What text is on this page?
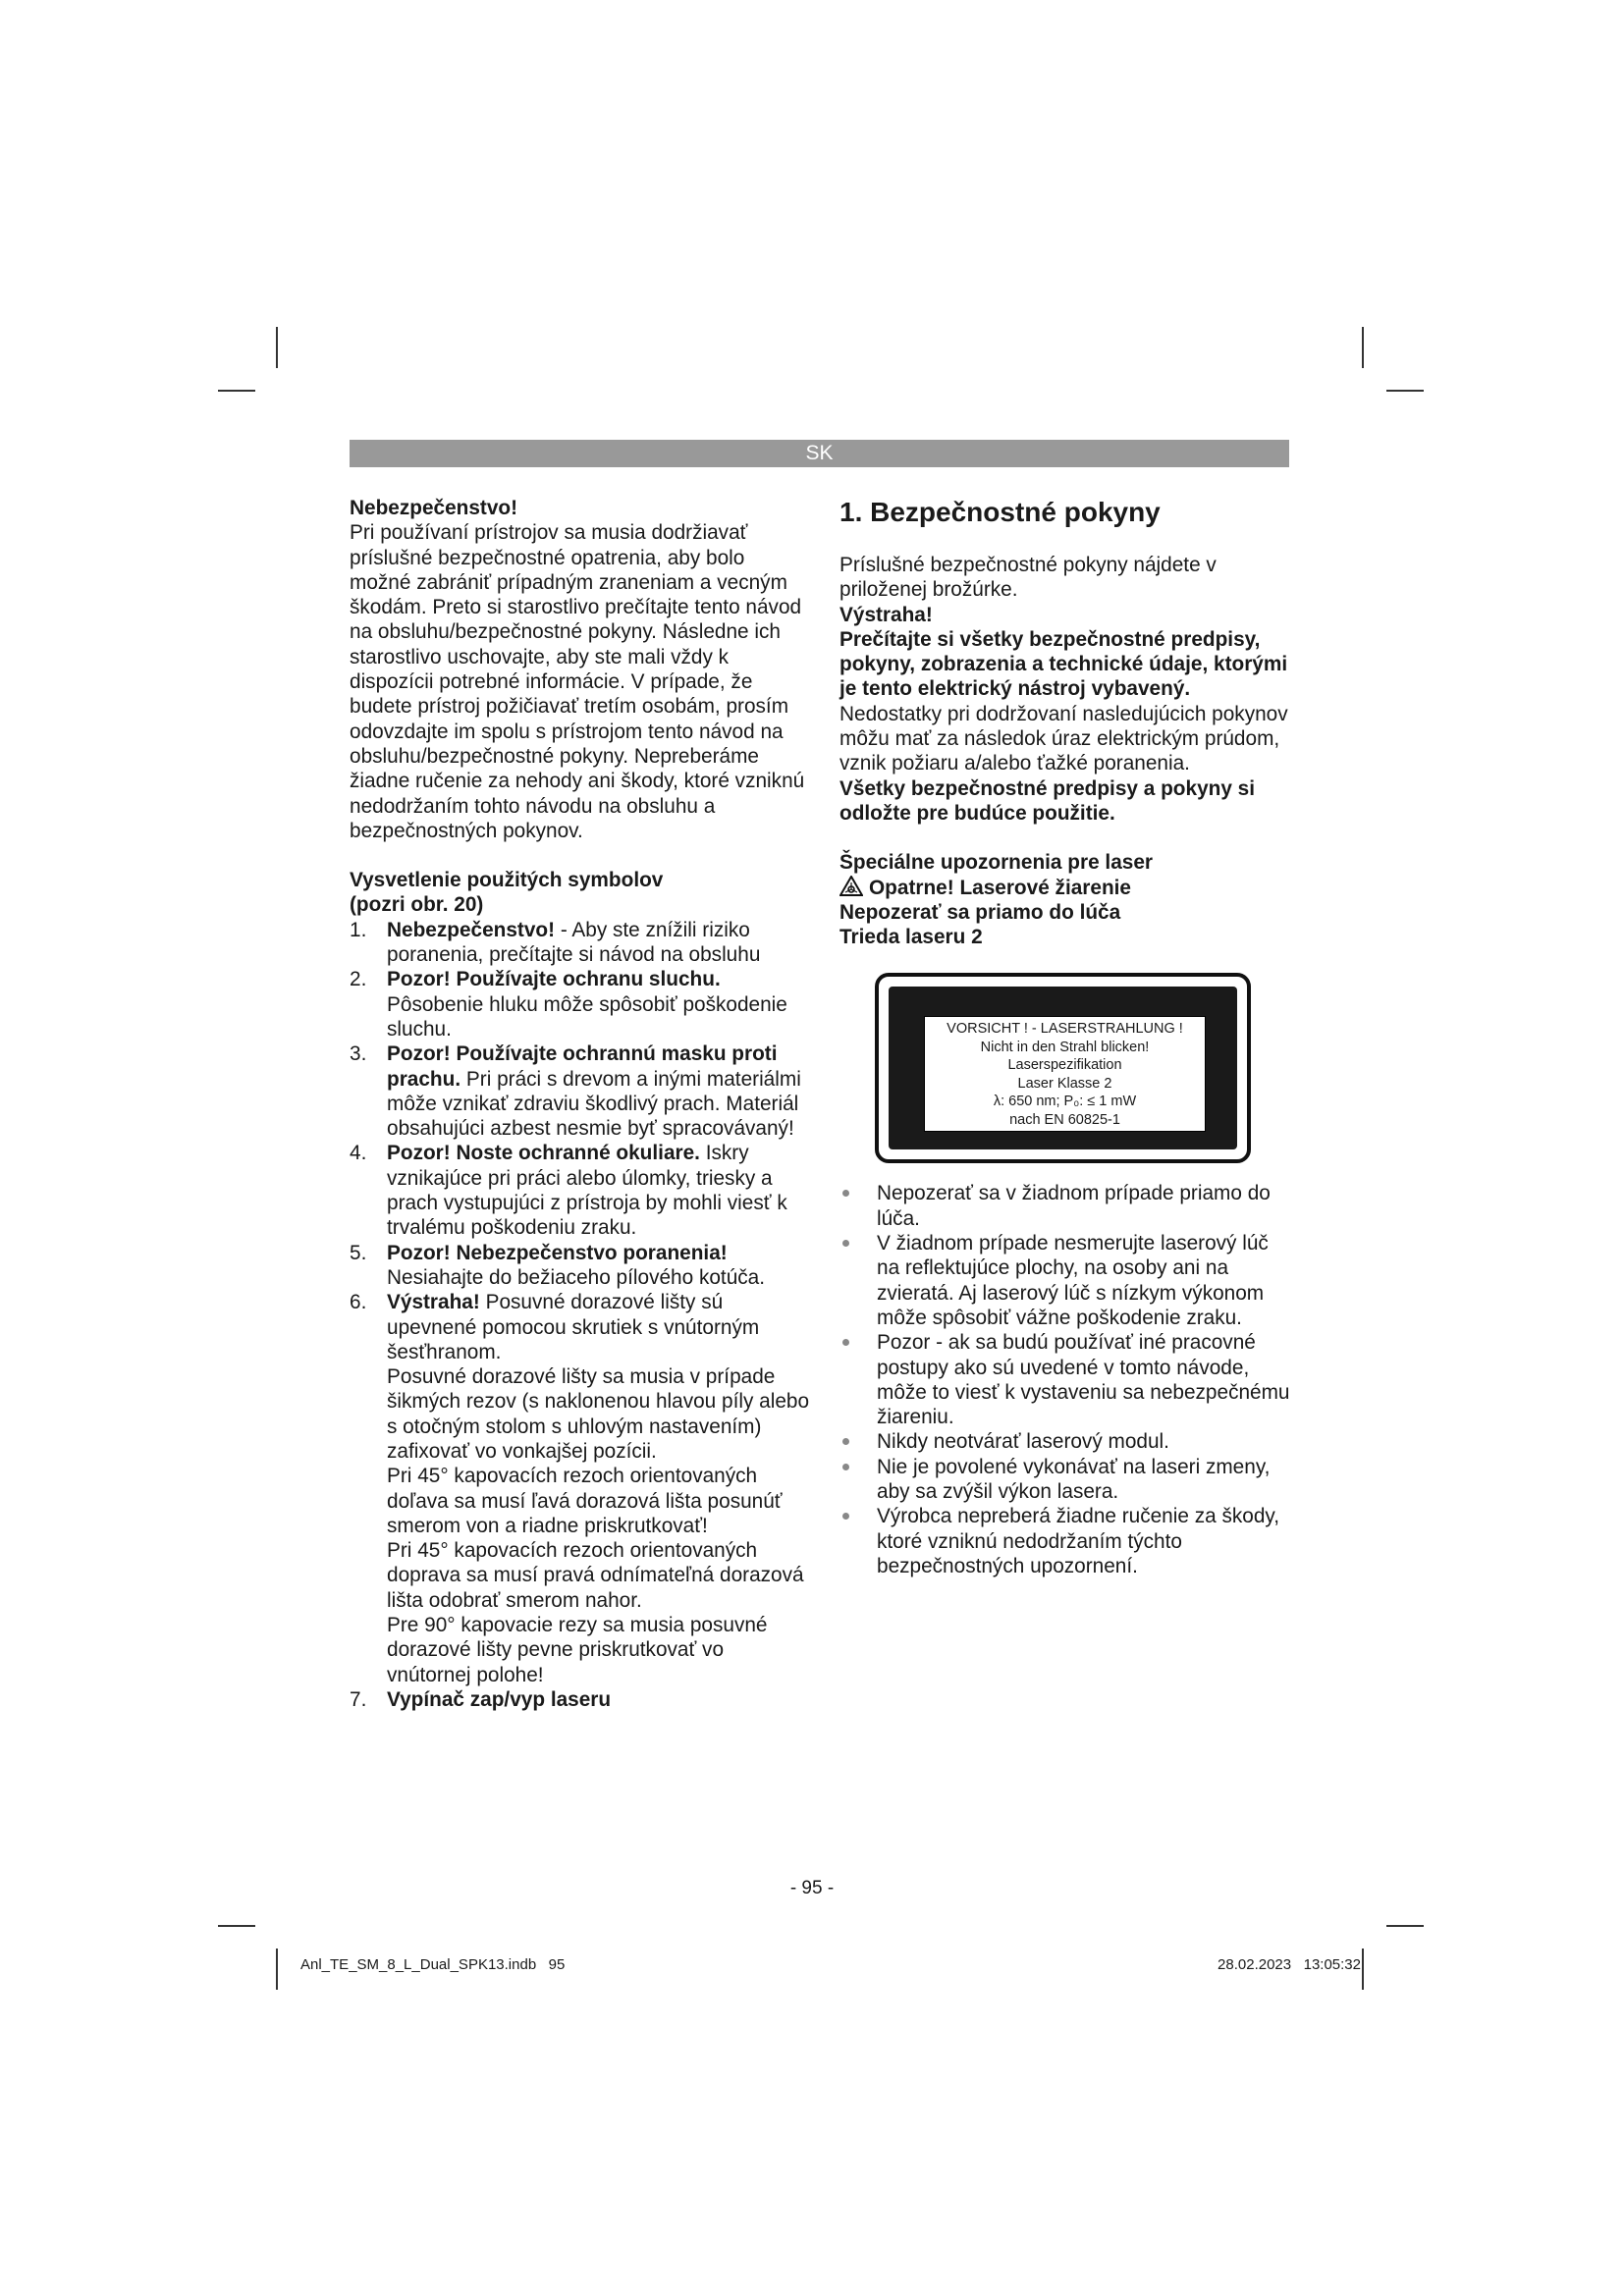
SK

Nebezpečenstvo!

Pri používaní prístrojov sa musia dodržiavať príslušné bezpečnostné opatrenia, aby bolo možné zabrániť prípadným zraneniam a vecným škodám. Preto si starostlivo prečítajte tento návod na obsluhu/bezpečnostné pokyny. Následne ich starostlivo uschovajte, aby ste mali vždy k dispozícii potrebné informácie. V prípade, že budete prístroj požičiavať tretím osobám, prosím odovzdajte im spolu s prístrojom tento návod na obsluhu/bezpečnostné pokyny. Nepreberáme žiadne ručenie za nehody ani škody, ktoré vzniknú nedodržaním tohto návodu na obsluhu a bezpečnostných pokynov.

Vysvetlenie použitých symbolov

(pozri obr. 20)

1. Nebezpečenstvo! - Aby ste znížili riziko poranenia, prečítajte si návod na obsluhu
2. Pozor! Používajte ochranu sluchu. Pôsobenie hluku môže spôsobiť poškodenie sluchu.
3. Pozor! Používajte ochrannú masku proti prachu. Pri práci s drevom a inými materiálmi môže vznikať zdraviu škodlivý prach. Materiál obsahujúci azbest nesmie byť spracovávaný!
4. Pozor! Noste ochranné okuliare. Iskry vznikajúce pri práci alebo úlomky, triesky a prach vystupujúci z prístroja by mohli viesť k trvalému poškodeniu zraku.
5. Pozor! Nebezpečenstvo poranenia! Nesiahajte do bežiaceho pílového kotúča.
6. Výstraha! Posuvné dorazové lišty sú upevnené pomocou skrutiek s vnútorným šesťhranom.
Posuvné dorazové lišty sa musia v prípade šikmých rezov (s naklonenou hlavou píly alebo s otočným stolom s uhlovým nastavením) zafixovať vo vonkajšej pozícii.
Pri 45° kapovacích rezoch orientovaných doľava sa musí ľavá dorazová lišta posunúť smerom von a riadne priskrutkovať!
Pri 45° kapovacích rezoch orientovaných doprava sa musí pravá odnímateľná dorazová lišta odobrať smerom nahor.
Pre 90° kapovacie rezy sa musia posuvné dorazové lišty pevne priskrutkovať vo vnútornej polohe!
7. Vypínač zap/vyp laseru
1. Bezpečnostné pokyny

Príslušné bezpečnostné pokyny nájdete v priloženej brožúrke.

Výstraha!

Prečítajte si všetky bezpečnostné predpisy, pokyny, zobrazenia a technické údaje, ktorými je tento elektrický nástroj vybavený.

Nedostatky pri dodržovaní nasledujúcich pokynov môžu mať za následok úraz elektrickým prúdom, vznik požiaru a/alebo ťažké poranenia.

Všetky bezpečnostné predpisy a pokyny si odložte pre budúce použitie.

Špeciálne upozornenia pre laser

Opatrne! Laserové žiarenie

Nepozerať sa priamo do lúča

Trieda laseru 2

VORSICHT ! - LASERSTRAHLUNG !
Nicht in den Strahl blicken!
Laserspezifikation
Laser Klasse 2
λ: 650 nm; P₀: ≤ 1 mW
nach EN 60825-1
Nepozerať sa v žiadnom prípade priamo do lúča.
V žiadnom prípade nesmerujte laserový lúč na reflektujúce plochy, na osoby ani na zvieratá. Aj laserový lúč s nízkym výkonom môže spôsobiť vážne poškodenie zraku.
Pozor - ak sa budú používať iné pracovné postupy ako sú uvedené v tomto návode, môže to viesť k vystaveniu sa nebezpečnému žiareniu.
Nikdy neotvárať laserový modul.
Nie je povolené vykonávať na laseri zmeny, aby sa zvýšil výkon lasera.
Výrobca nepreberá žiadne ručenie za škody, ktoré vzniknú nedodržaním týchto bezpečnostných upozornení.
- 95 -
Anl_TE_SM_8_L_Dual_SPK13.indb   95	28.02.2023   13:05:32
